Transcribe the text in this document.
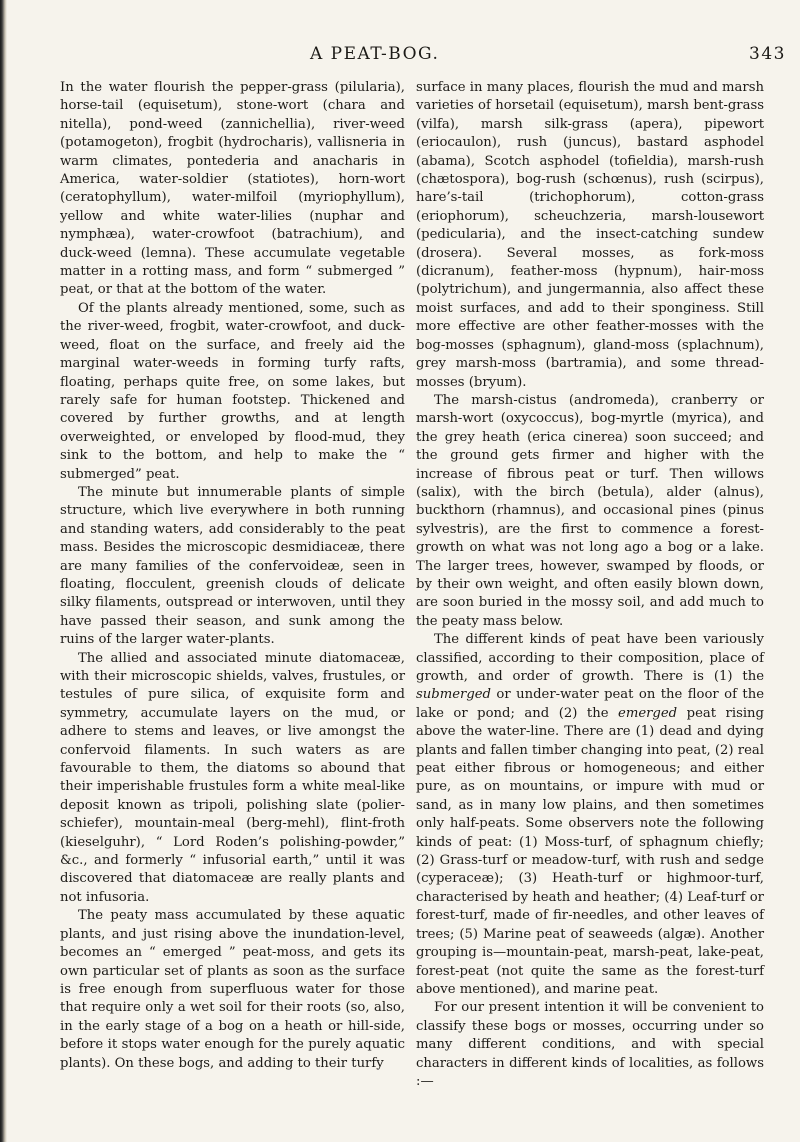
A PEAT-BOG.	343

In the water flourish the pepper-grass (pilularia), horse-tail (equisetum), stone-wort (chara and nitella), pond-weed (zannichellia), river-weed (potamogeton), frogbit (hydrocharis), vallisneria in warm climates, pontederia and anacharis in America, water-soldier (statiotes), horn-wort (ceratophyllum), water-milfoil (myriophyllum), yellow and white water-lilies (nuphar and nymphæa), water-crowfoot (batrachium), and duck-weed (lemna). These accumulate vegetable matter in a rotting mass, and form “ submerged ” peat, or that at the bottom of the water.

Of the plants already mentioned, some, such as the river-weed, frogbit, water-crowfoot, and duck-weed, float on the surface, and freely aid the marginal water-weeds in forming turfy rafts, floating, perhaps quite free, on some lakes, but rarely safe for human footstep. Thickened and covered by further growths, and at length overweighted, or enveloped by flood-mud, they sink to the bottom, and help to make the “ submerged” peat.

The minute but innumerable plants of simple structure, which live everywhere in both running and standing waters, add considerably to the peat mass. Besides the microscopic desmidiaceæ, there are many families of the confervoideæ, seen in floating, flocculent, greenish clouds of delicate silky filaments, outspread or interwoven, until they have passed their season, and sunk among the ruins of the larger water-plants.

The allied and associated minute diatomaceæ, with their microscopic shields, valves, frustules, or testules of pure silica, of exquisite form and symmetry, accumulate layers on the mud, or adhere to stems and leaves, or live amongst the confervoid filaments. In such waters as are favourable to them, the diatoms so abound that their imperishable frustules form a white meal-like deposit known as tripoli, polishing slate (polier-schiefer), mountain-meal (berg-mehl), flint-froth (kieselguhr), “ Lord Roden’s polishing-powder,” &c., and formerly “ infusorial earth,” until it was discovered that diatomaceæ are really plants and not infusoria.

The peaty mass accumulated by these aquatic plants, and just rising above the inundation-level, becomes an “ emerged ” peat-moss, and gets its own particular set of plants as soon as the surface is free enough from superfluous water for those that require only a wet soil for their roots (so, also, in the early stage of a bog on a heath or hill-side, before it stops water enough for the purely aquatic plants). On these bogs, and adding to their turfy

surface in many places, flourish the mud and marsh varieties of horsetail (equisetum), marsh bent-grass (vilfa), marsh silk-grass (apera), pipewort (eriocaulon), rush (juncus), bastard asphodel (abama), Scotch asphodel (tofieldia), marsh-rush (chætospora), bog-rush (schœnus), rush (scirpus), hare’s-tail (trichophorum), cotton-grass (eriophorum), scheuchzeria, marsh-lousewort (pedicularia), and the insect-catching sundew (drosera). Several mosses, as fork-moss (dicranum), feather-moss (hypnum), hair-moss (polytrichum), and jungermannia, also affect these moist surfaces, and add to their sponginess. Still more effective are other feather-mosses with the bog-mosses (sphagnum), gland-moss (splachnum), grey marsh-moss (bartramia), and some thread-mosses (bryum).

The marsh-cistus (andromeda), cranberry or marsh-wort (oxycoccus), bog-myrtle (myrica), and the grey heath (erica cinerea) soon succeed; and the ground gets firmer and higher with the increase of fibrous peat or turf. Then willows (salix), with the birch (betula), alder (alnus), buckthorn (rhamnus), and occasional pines (pinus sylvestris), are the first to commence a forest-growth on what was not long ago a bog or a lake. The larger trees, however, swamped by floods, or by their own weight, and often easily blown down, are soon buried in the mossy soil, and add much to the peaty mass below.

The different kinds of peat have been variously classified, according to their composition, place of growth, and order of growth. There is (1) the submerged or under-water peat on the floor of the lake or pond; and (2) the emerged peat rising above the water-line. There are (1) dead and dying plants and fallen timber changing into peat, (2) real peat either fibrous or homogeneous; and either pure, as on mountains, or impure with mud or sand, as in many low plains, and then sometimes only half-peats. Some observers note the following kinds of peat: (1) Moss-turf, of sphagnum chiefly; (2) Grass-turf or meadow-turf, with rush and sedge (cyperaceæ); (3) Heath-turf or highmoor-turf, characterised by heath and heather; (4) Leaf-turf or forest-turf, made of fir-needles, and other leaves of trees; (5) Marine peat of seaweeds (algæ). Another grouping is—mountain-peat, marsh-peat, lake-peat, forest-peat (not quite the same as the forest-turf above mentioned), and marine peat.

For our present intention it will be convenient to classify these bogs or mosses, occurring under so many different conditions, and with special characters in different kinds of localities, as follows :—
